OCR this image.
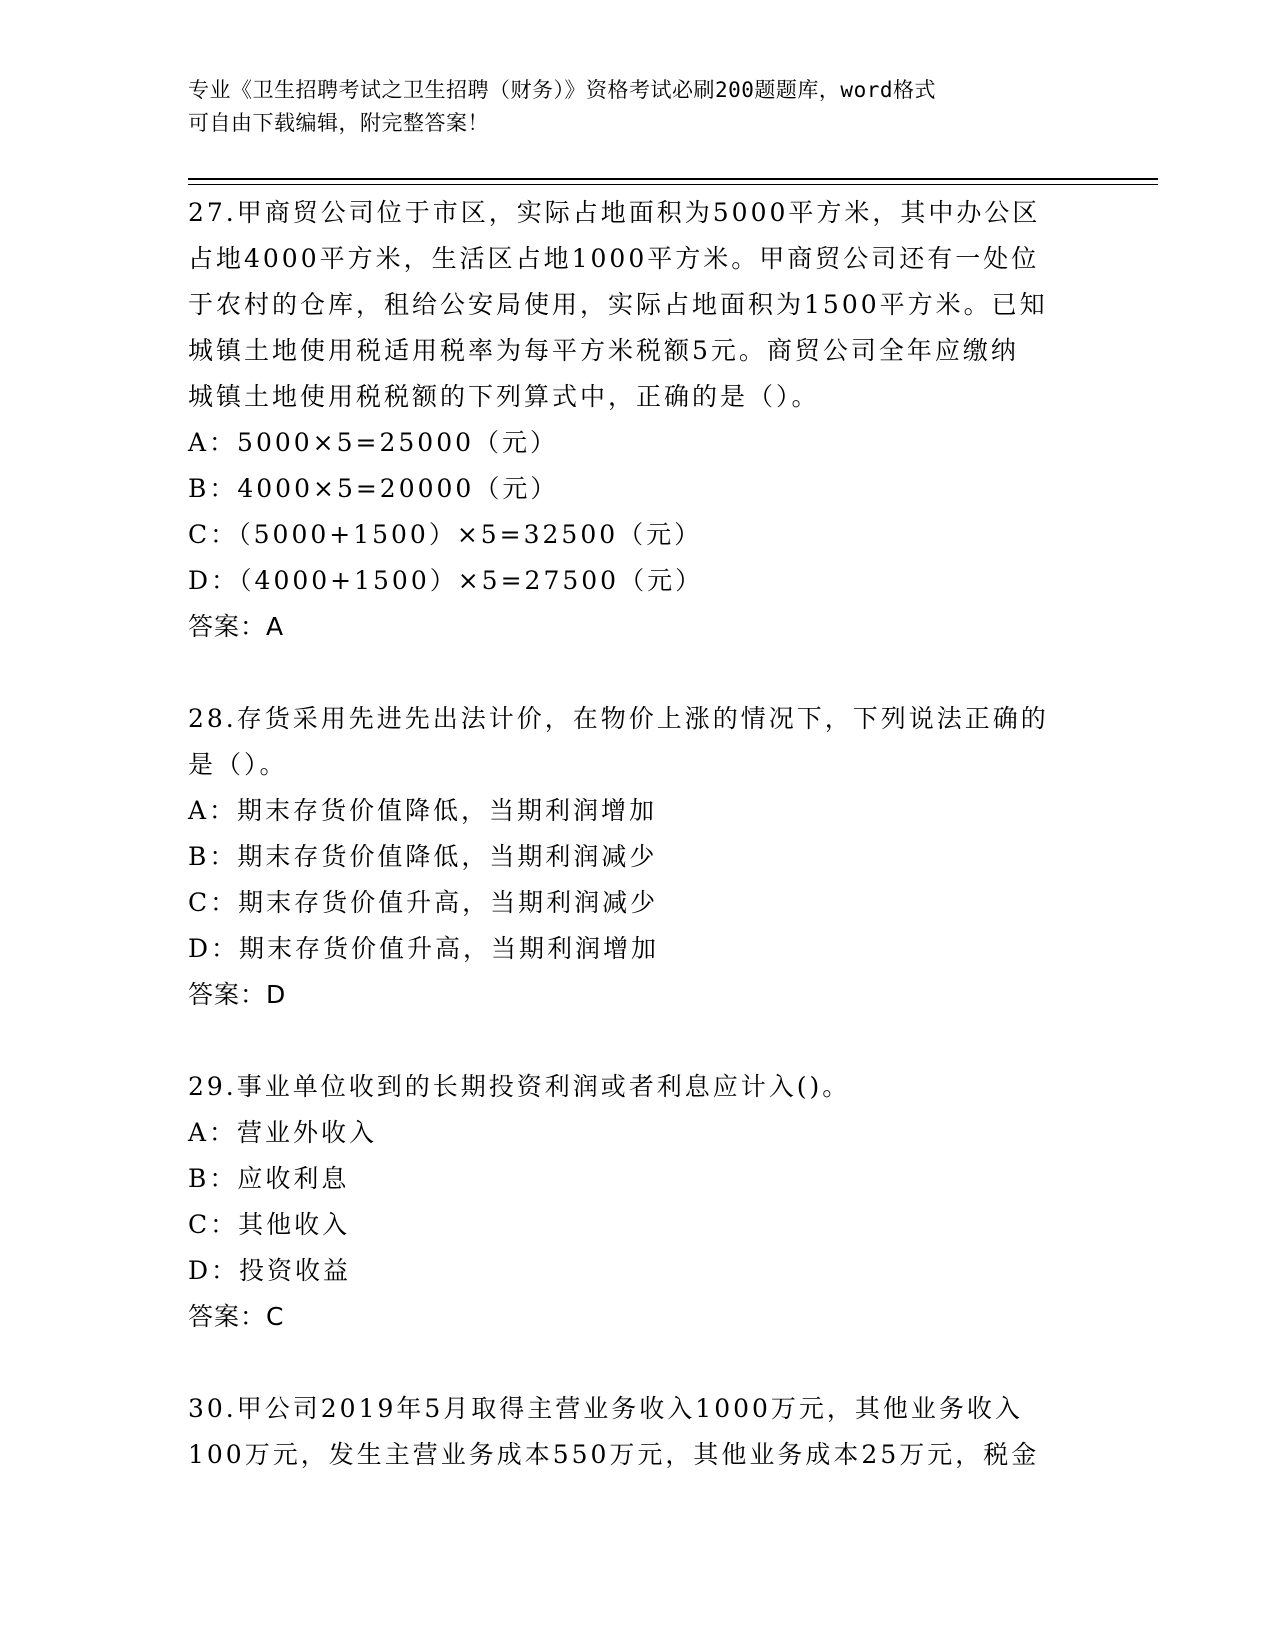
专业《卫生招聘考试之卫生招聘（财务）》资格考试必刷200题题库，word格式
可自由下载编辑，附完整答案！
27.甲商贸公司位于市区，实际占地面积为5000平方米，其中办公区
占地4000平方米，生活区占地1000平方米。甲商贸公司还有一处位
于农村的仓库，租给公安局使用，实际占地面积为1500平方米。已知
城镇土地使用税适用税率为每平方米税额5元。商贸公司全年应缴纳
城镇土地使用税税额的下列算式中，正确的是（）。
A：5000×5=25000（元）
B：4000×5=20000（元）
C：（5000+1500）×5=32500（元）
D：（4000+1500）×5=27500（元）
答案：A
28.存货采用先进先出法计价，在物价上涨的情况下，下列说法正确的
是（）。
A：期末存货价值降低，当期利润增加
B：期末存货价值降低，当期利润减少
C：期末存货价值升高，当期利润减少
D：期末存货价值升高，当期利润增加
答案：D
29.事业单位收到的长期投资利润或者利息应计入()。
A：营业外收入
B：应收利息
C：其他收入
D：投资收益
答案：C
30.甲公司2019年5月取得主营业务收入1000万元，其他业务收入
100万元，发生主营业务成本550万元，其他业务成本25万元，税金
